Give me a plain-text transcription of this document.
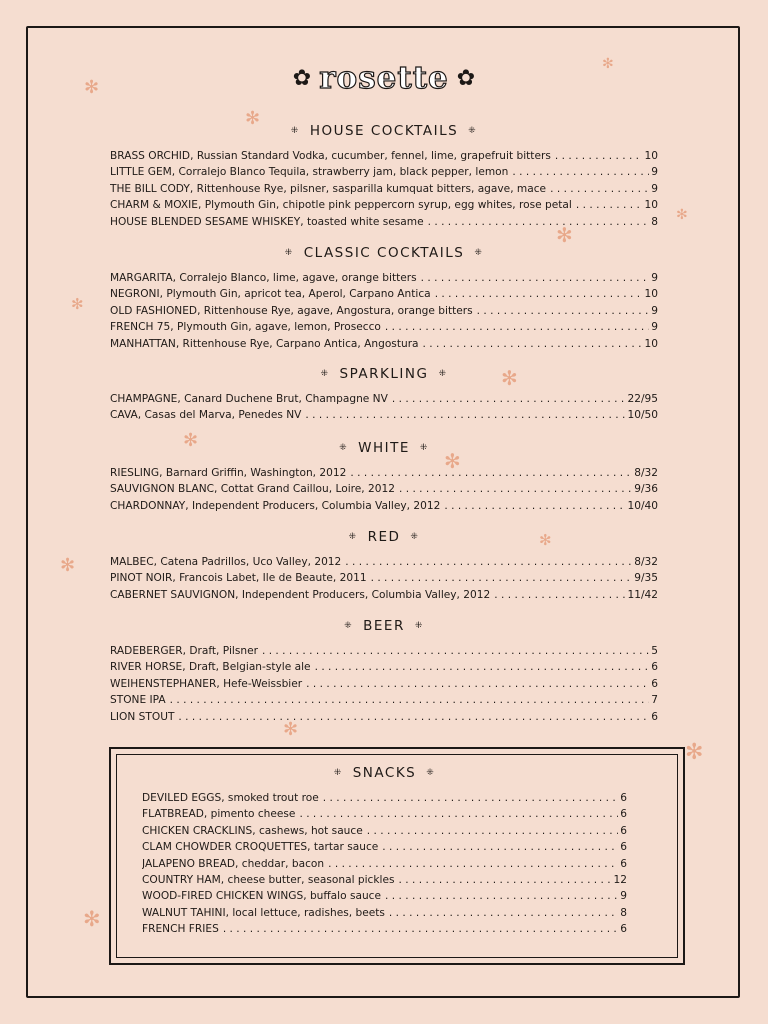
✻
✻
✻
✻
✻
✻
✻
✻
✻
✻
✻
✻
✻
✻
✿ rosette ✿
⁜ HOUSE COCKTAILS ⁜
BRASS ORCHID, Russian Standard Vodka, cucumber, fennel, lime, grapefruit bitters . . .	10
LITTLE GEM, Corralejo Blanco Tequila, strawberry jam, black pepper, lemon . . .	9
THE BILL CODY, Rittenhouse Rye, pilsner, sasparilla kumquat bitters, agave, mace . . .	9
CHARM & MOXIE, Plymouth Gin, chipotle pink peppercorn syrup, egg whites, rose petal . . .	10
HOUSE BLENDED SESAME WHISKEY, toasted white sesame . . .	8
⁜ CLASSIC COCKTAILS ⁜
MARGARITA, Corralejo Blanco, lime, agave, orange bitters . . .	9
NEGRONI, Plymouth Gin, apricot tea, Aperol, Carpano Antica . . .	10
OLD FASHIONED, Rittenhouse Rye, agave, Angostura, orange bitters . . .	9
FRENCH 75, Plymouth Gin, agave, lemon, Prosecco . . .	9
MANHATTAN, Rittenhouse Rye, Carpano Antica, Angostura . . .	10
⁜ SPARKLING ⁜
CHAMPAGNE, Canard Duchene Brut, Champagne NV . . .	22/95
CAVA, Casas del Marva, Penedes NV . . .	10/50
⁜ WHITE ⁜
RIESLING, Barnard Griffin, Washington, 2012 . . .	8/32
SAUVIGNON BLANC, Cottat Grand Caillou, Loire, 2012 . . .	9/36
CHARDONNAY, Independent Producers, Columbia Valley, 2012 . . .	10/40
⁜ RED ⁜
MALBEC, Catena Padrillos, Uco Valley, 2012 . . .	8/32
PINOT NOIR, Francois Labet, Ile de Beaute, 2011 . . .	9/35
CABERNET SAUVIGNON, Independent Producers, Columbia Valley, 2012 . . .	11/42
⁜ BEER ⁜
RADEBERGER, Draft, Pilsner . . .	5
RIVER HORSE, Draft, Belgian-style ale . . .	6
WEIHENSTEPHANER, Hefe-Weissbier . . .	6
STONE IPA . . .	7
LION STOUT . . .	6
⁜ SNACKS ⁜
DEVILED EGGS, smoked trout roe . . .	6
FLATBREAD, pimento cheese . . .	6
CHICKEN CRACKLINS, cashews, hot sauce . . .	6
CLAM CHOWDER CROQUETTES, tartar sauce . . .	6
JALAPENO BREAD, cheddar, bacon . . .	6
COUNTRY HAM, cheese butter, seasonal pickles . . .	12
WOOD-FIRED CHICKEN WINGS, buffalo sauce . . .	9
WALNUT TAHINI, local lettuce, radishes, beets . . .	8
FRENCH FRIES . . .	6
